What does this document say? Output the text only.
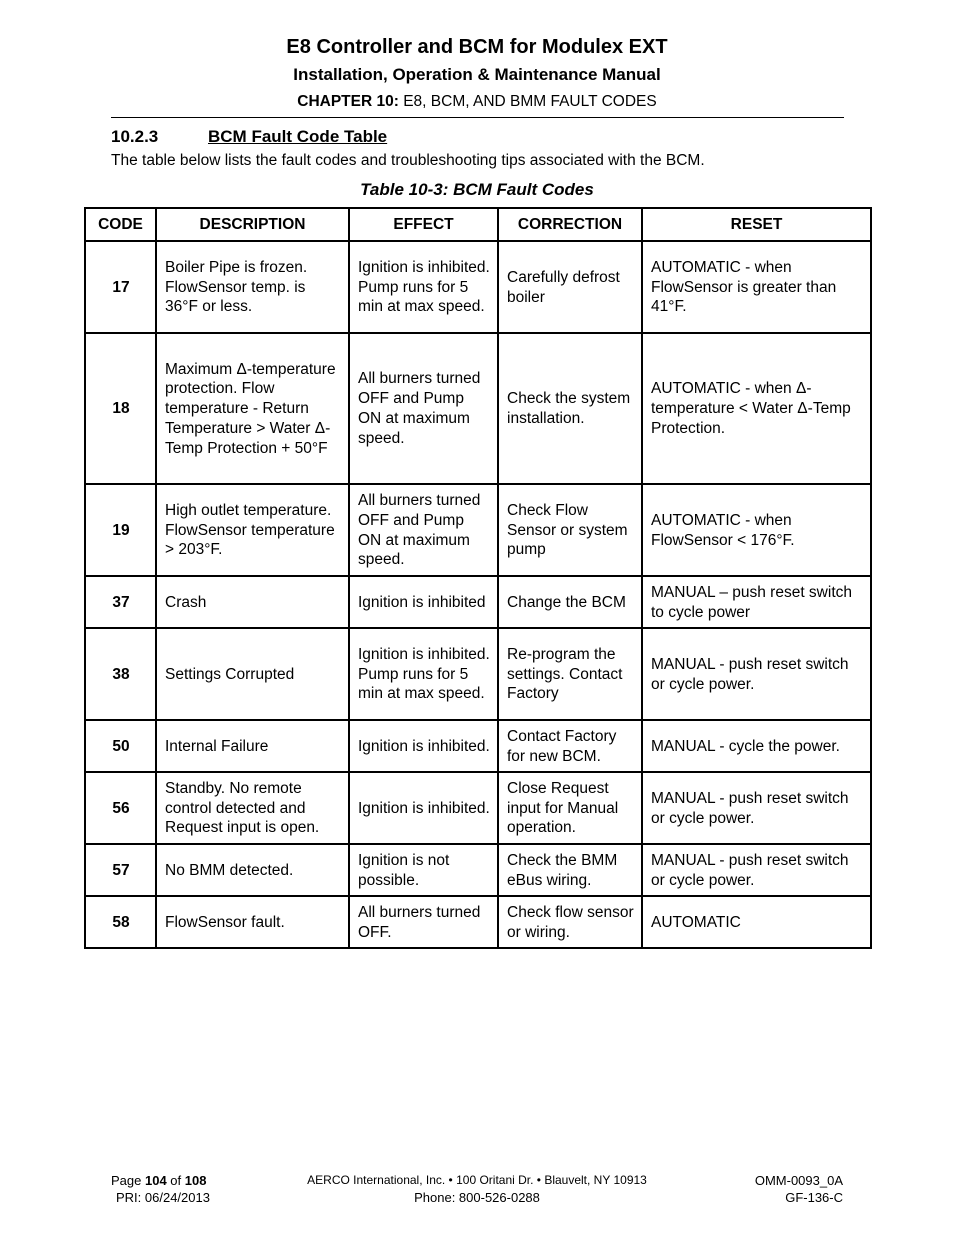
E8 Controller and BCM for Modulex EXT
Installation, Operation & Maintenance Manual
CHAPTER 10: E8, BCM, AND BMM FAULT CODES
10.2.3	BCM Fault Code Table
The table below lists the fault codes and troubleshooting tips associated with the BCM.
Table 10-3: BCM Fault Codes
CODE	DESCRIPTION	EFFECT	CORRECTION	RESET
17	Boiler Pipe is frozen. FlowSensor temp. is 36°F or less.	Ignition is inhibited. Pump runs for 5 min at max speed.	Carefully defrost boiler	AUTOMATIC - when FlowSensor is greater than 41°F.
18	Maximum Δ-temperature protection. Flow temperature - Return Temperature > Water Δ-Temp Protection + 50°F	All burners turned OFF and Pump ON at maximum speed.	Check the system installation.	AUTOMATIC - when Δ-temperature < Water Δ-Temp Protection.
19	High outlet temperature. FlowSensor temperature > 203°F.	All burners turned OFF and Pump ON at maximum speed.	Check Flow Sensor or system pump	AUTOMATIC - when FlowSensor < 176°F.
37	Crash	Ignition is inhibited	Change the BCM	MANUAL – push reset switch to cycle power
38	Settings Corrupted	Ignition is inhibited. Pump runs for 5 min at max speed.	Re-program the settings. Contact Factory	MANUAL - push reset switch or cycle power.
50	Internal Failure	Ignition is inhibited.	Contact Factory for new BCM.	MANUAL - cycle the power.
56	Standby. No remote control detected and Request input is open.	Ignition is inhibited.	Close Request input for Manual operation.	MANUAL - push reset switch or cycle power.
57	No BMM detected.	Ignition is not possible.	Check the BMM eBus wiring.	MANUAL - push reset switch or cycle power.
58	FlowSensor fault.	All burners turned OFF.	Check flow sensor or wiring.	AUTOMATIC
Page 104 of 108
PRI: 06/24/2013
AERCO International, Inc. • 100 Oritani Dr. • Blauvelt, NY 10913
Phone: 800-526-0288
OMM-0093_0A
GF-136-C
